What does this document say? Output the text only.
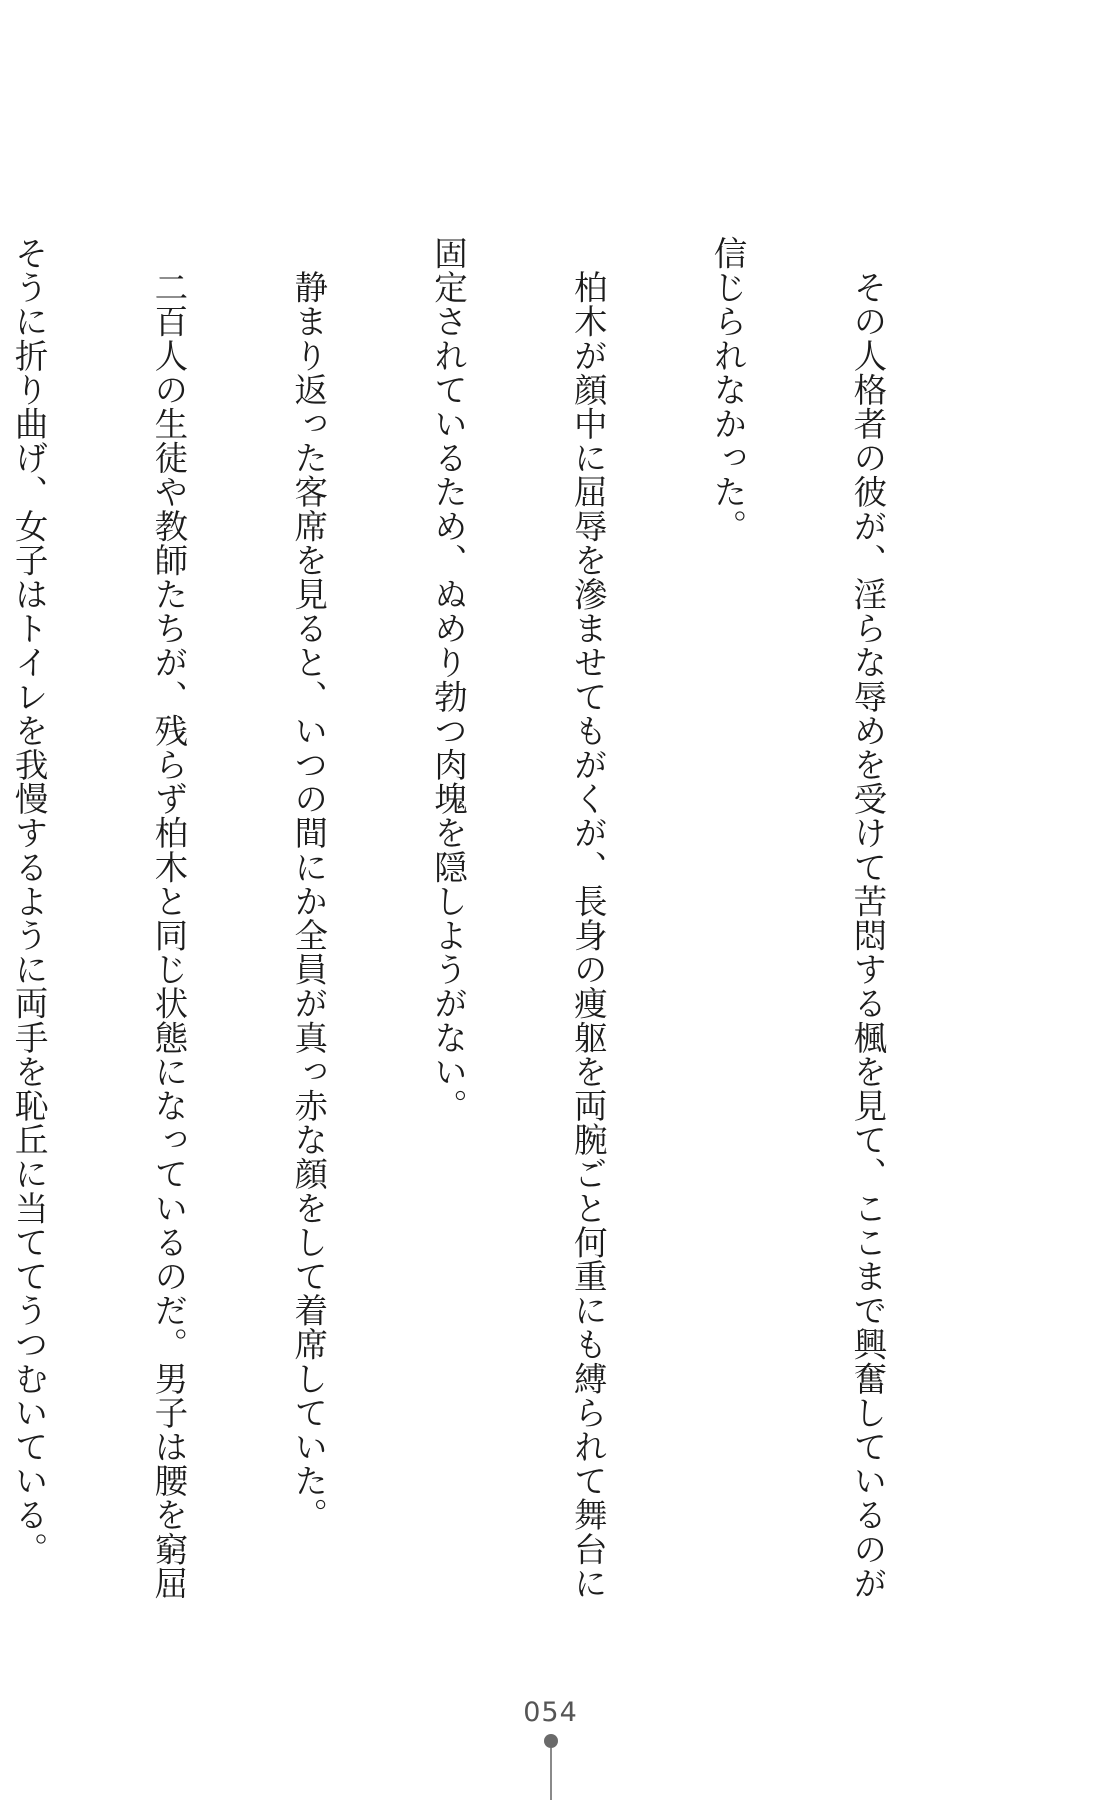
　その人格者の彼が、淫らな辱めを受けて苦悶する楓を見て、ここまで興奮しているのが

信じられなかった。

　柏木が顔中に屈辱を滲ませてもがくが、長身の痩躯を両腕ごと何重にも縛られて舞台に

固定されているため、ぬめり勃つ肉塊を隠しようがない。

　静まり返った客席を見ると、いつの間にか全員が真っ赤な顔をして着席していた。

　二百人の生徒や教師たちが、残らず柏木と同じ状態になっているのだ。男子は腰を窮屈

そうに折り曲げ、女子はトイレを我慢するように両手を恥丘に当ててうつむいている。

054
